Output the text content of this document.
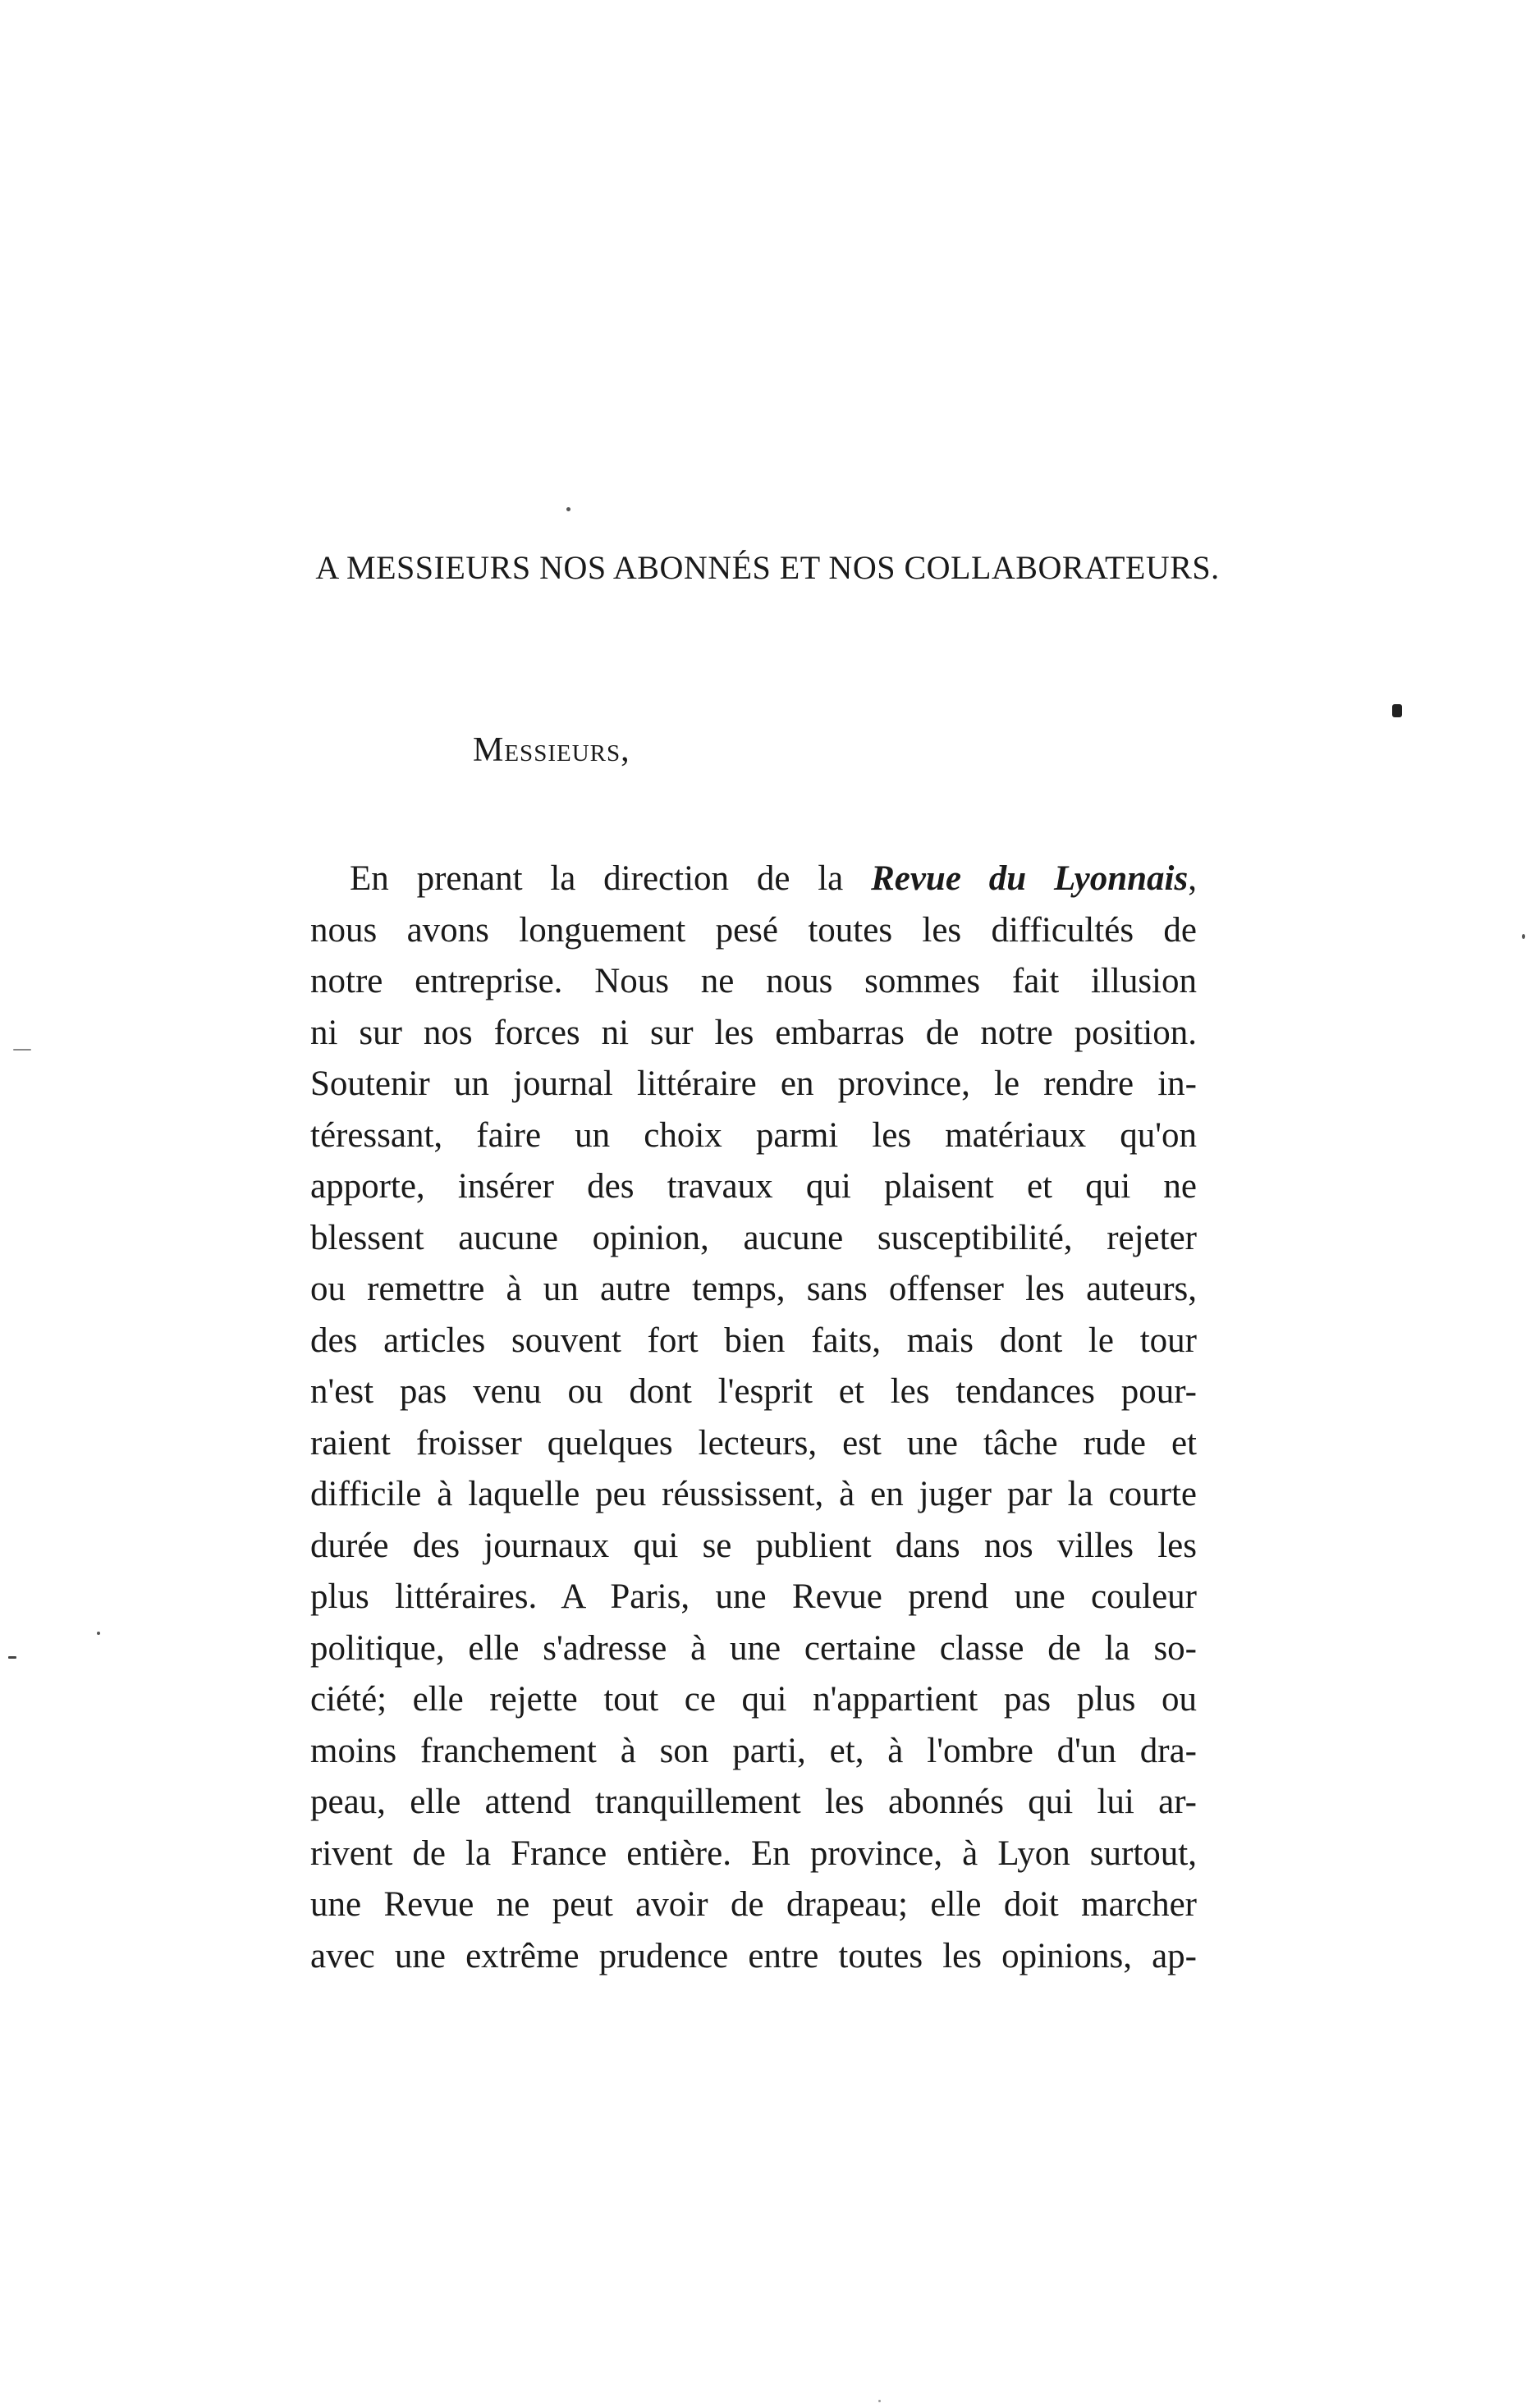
A MESSIEURS NOS ABONNÉS ET NOS COLLABORATEURS.
Messieurs,
En prenant la direction de la Revue du Lyonnais,
nous avons longuement pesé toutes les difficultés de
notre entreprise. Nous ne nous sommes fait illusion
ni sur nos forces ni sur les embarras de notre position.
Soutenir un journal littéraire en province, le rendre in-
téressant, faire un choix parmi les matériaux qu'on
apporte, insérer des travaux qui plaisent et qui ne
blessent aucune opinion, aucune susceptibilité, rejeter
ou remettre à un autre temps, sans offenser les auteurs,
des articles souvent fort bien faits, mais dont le tour
n'est pas venu ou dont l'esprit et les tendances pour-
raient froisser quelques lecteurs, est une tâche rude et
difficile à laquelle peu réussissent, à en juger par la courte
durée des journaux qui se publient dans nos villes les
plus littéraires. A Paris, une Revue prend une couleur
politique, elle s'adresse à une certaine classe de la so-
ciété; elle rejette tout ce qui n'appartient pas plus ou
moins franchement à son parti, et, à l'ombre d'un dra-
peau, elle attend tranquillement les abonnés qui lui ar-
rivent de la France entière. En province, à Lyon surtout,
une Revue ne peut avoir de drapeau; elle doit marcher
avec une extrême prudence entre toutes les opinions, ap-
